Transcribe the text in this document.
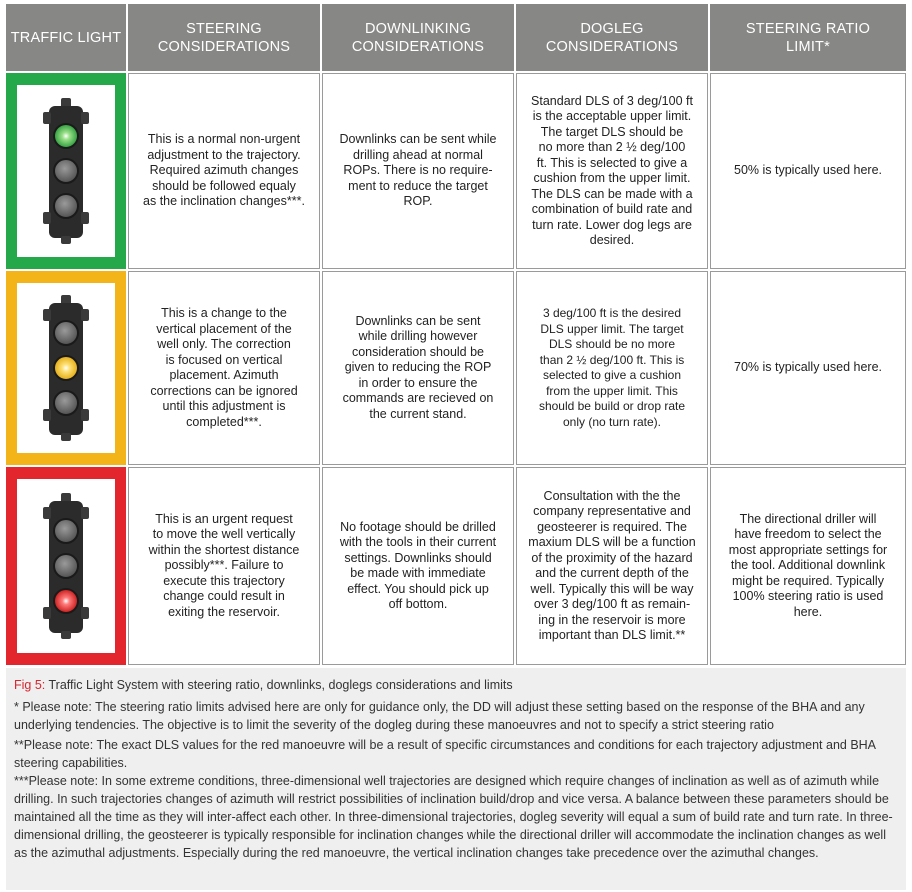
TRAFFIC LIGHT
STEERING
CONSIDERATIONS
DOWNLINKING
CONSIDERATIONS
DOGLEG
CONSIDERATIONS
STEERING RATIO
LIMIT*
This is a normal non-urgent
adjustment to the trajectory.
Required azimuth changes
should be followed equaly
as the inclination changes***.
Downlinks can be sent while
drilling ahead at normal
ROPs. There is no require-
ment to reduce the target
ROP.
Standard DLS of 3 deg/100 ft
is the acceptable upper limit.
The target DLS should be
no more than 2 ½ deg/100
ft. This is selected to give a
cushion from the upper limit.
The DLS can be made with a
combination of build rate and
turn rate. Lower dog legs are
desired.
50% is typically used here.
This is a change to the
vertical placement of the
well only. The correction
is focused on vertical
placement. Azimuth
corrections can be ignored
until this adjustment is
completed***.
Downlinks can be sent
while drilling however
consideration should be
given to reducing the ROP
in order to ensure the
commands are recieved on
the current stand.
3 deg/100 ft is the desired
DLS upper limit. The target
DLS should be no more
than 2 ½ deg/100 ft. This is
selected to give a cushion
from the upper limit. This
should be build or drop rate
only (no turn rate).
70% is typically used here.
This is an urgent request
to move the well vertically
within the shortest distance
possibly***. Failure to
execute this trajectory
change could result in
exiting the reservoir.
No footage should be drilled
with the tools in their current
settings. Downlinks should
be made with immediate
effect. You should pick up
off bottom.
Consultation with the the
company representative and
geosteerer is required. The
maxium DLS will be a function
of the proximity of the hazard
and the current depth of the
well. Typically this will be way
over 3 deg/100 ft as remain-
ing in the reservoir is more
important than DLS limit.**
The directional driller will
have freedom to select the
most appropriate settings for
the tool. Additional downlink
might be required. Typically
100% steering ratio is used
here.
Fig 5: Traffic Light System with steering ratio, downlinks, doglegs considerations and limits
* Please note: The steering ratio limits advised here are only for guidance only, the DD will adjust these setting based on the response of the BHA and any underlying tendencies. The objective is to limit the severity of the dogleg during these manoeuvres and not to specify a strict steering ratio
**Please note: The exact DLS values for the red manoeuvre will be a result of specific circumstances and conditions for each trajectory adjustment and BHA steering capabilities.
***Please note: In some extreme conditions, three-dimensional well trajectories are designed which require changes of inclination as well as of azimuth while drilling. In such trajectories changes of azimuth will restrict possibilities of inclination build/drop and vice versa. A balance between these parameters should be maintained all the time as they will inter-affect each other. In three-dimensional trajectories, dogleg severity will equal a sum of build rate and turn rate. In three-dimensional drilling, the geosteerer is typically responsible for inclination changes while the directional driller will accommodate the inclination changes as well as the azimuthal adjustments. Especially during the red manoeuvre, the vertical inclination changes take precedence over the azimuthal changes.
